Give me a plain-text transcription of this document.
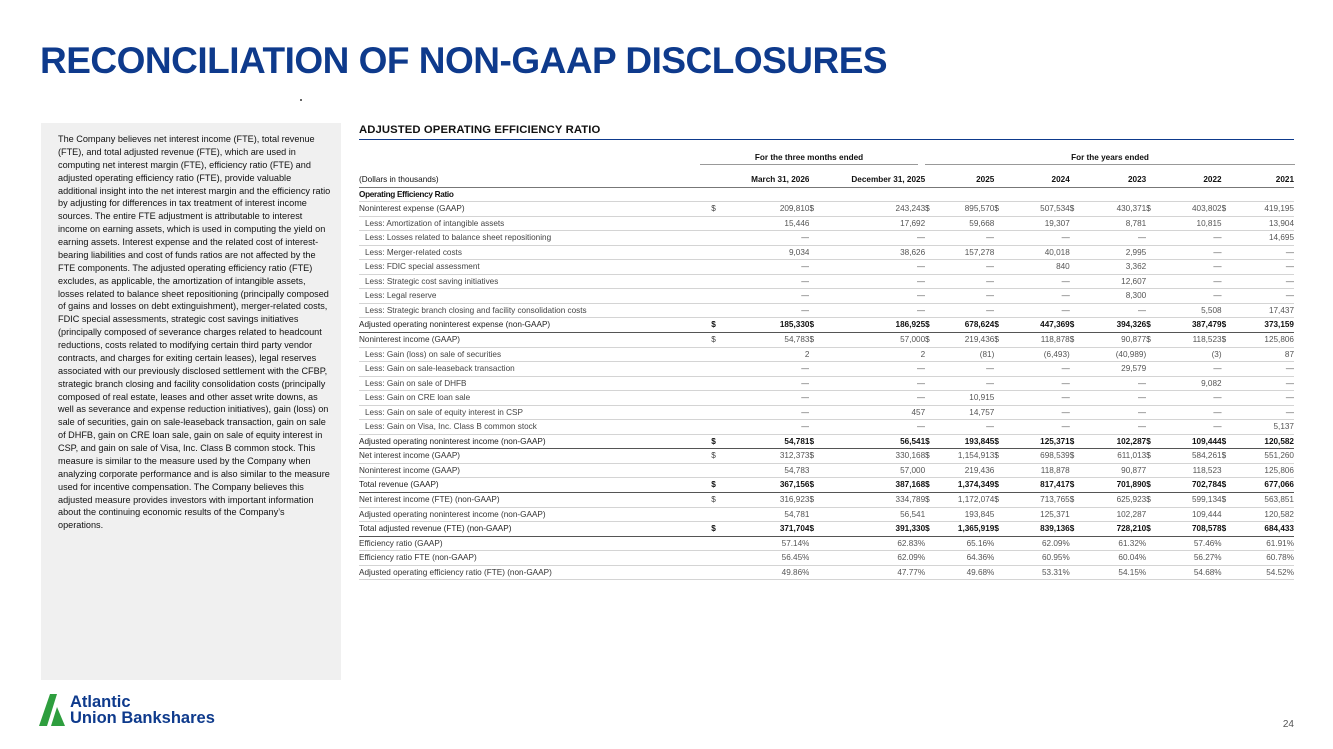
RECONCILIATION OF NON-GAAP DISCLOSURES

The Company believes net interest income (FTE), total revenue (FTE), and total adjusted revenue (FTE), which are used in computing net interest margin (FTE), efficiency ratio (FTE) and adjusted operating efficiency ratio (FTE), provide valuable additional insight into the net interest margin and the efficiency ratio by adjusting for differences in tax treatment of interest income sources. The entire FTE adjustment is attributable to interest income on earning assets, which is used in computing the yield on earning assets. Interest expense and the related cost of interest-bearing liabilities and cost of funds ratios are not affected by the FTE components. The adjusted operating efficiency ratio (FTE) excludes, as applicable, the amortization of intangible assets, losses related to balance sheet repositioning (principally composed of gains and losses on debt extinguishment), merger-related costs, FDIC special assessments, strategic cost savings initiatives (principally composed of severance charges related to headcount reductions, costs related to modifying certain third party vendor contracts, and charges for exiting certain leases), legal reserves associated with our previously disclosed settlement with the CFBP, strategic branch closing and facility consolidation costs (principally composed of real estate, leases and other asset write downs, as well as severance and expense reduction initiatives), gain (loss) on sale of securities, gain on sale-leaseback transaction, gain on sale of DHFB, gain on CRE loan sale, gain on sale of equity interest in CSP, and gain on sale of Visa, Inc. Class B common stock. This measure is similar to the measure used by the Company when analyzing corporate performance and is also similar to the measure used for incentive compensation. The Company believes this adjusted measure provides investors with important information about the continuing economic results of the Company’s operations.

Atlantic
Union Bankshares	24
ADJUSTED OPERATING EFFICIENCY RATIO
For the three months ended	For the years ended
(Dollars in thousands)		March 31, 2026		December 31, 2025		2025		2024		2023		2022		2021
Operating Efficiency Ratio														
Noninterest expense (GAAP)	$	209,810	$	243,243	$	895,570	$	507,534	$	430,371	$	403,802	$	419,195
Less: Amortization of intangible assets		15,446		17,692		59,668		19,307		8,781		10,815		13,904
Less: Losses related to balance sheet repositioning		—		—		—		—		—		—		14,695
Less: Merger-related costs		9,034		38,626		157,278		40,018		2,995		—		—
Less: FDIC special assessment		—		—		—		840		3,362		—		—
Less: Strategic cost saving initiatives		—		—		—		—		12,607		—		—
Less: Legal reserve		—		—		—		—		8,300		—		—
Less: Strategic branch closing and facility consolidation costs		—		—		—		—		—		5,508		17,437
Adjusted operating noninterest expense (non-GAAP)	$	185,330	$	186,925	$	678,624	$	447,369	$	394,326	$	387,479	$	373,159
Noninterest income (GAAP)	$	54,783	$	57,000	$	219,436	$	118,878	$	90,877	$	118,523	$	125,806
Less: Gain (loss) on sale of securities		2		2		(81)		(6,493)		(40,989)		(3)		87
Less: Gain on sale-leaseback transaction		—		—		—		—		29,579		—		—
Less: Gain on sale of DHFB		—		—		—		—		—		9,082		—
Less: Gain on CRE loan sale		—		—		10,915		—		—		—		—
Less: Gain on sale of equity interest in CSP		—		457		14,757		—		—		—		—
Less: Gain on Visa, Inc. Class B common stock		—		—		—		—		—		—		5,137
Adjusted operating noninterest income (non-GAAP)	$	54,781	$	56,541	$	193,845	$	125,371	$	102,287	$	109,444	$	120,582
Net interest income (GAAP)	$	312,373	$	330,168	$	1,154,913	$	698,539	$	611,013	$	584,261	$	551,260
Noninterest income (GAAP)		54,783		57,000		219,436		118,878		90,877		118,523		125,806
Total revenue (GAAP)	$	367,156	$	387,168	$	1,374,349	$	817,417	$	701,890	$	702,784	$	677,066
Net interest income (FTE) (non-GAAP)	$	316,923	$	334,789	$	1,172,074	$	713,765	$	625,923	$	599,134	$	563,851
Adjusted operating noninterest income (non-GAAP)		54,781		56,541		193,845		125,371		102,287		109,444		120,582
Total adjusted revenue (FTE) (non-GAAP)	$	371,704	$	391,330	$	1,365,919	$	839,136	$	728,210	$	708,578	$	684,433
Efficiency ratio (GAAP)		57.14%		62.83%		65.16%		62.09%		61.32%		57.46%		61.91%
Efficiency ratio FTE (non-GAAP)		56.45%		62.09%		64.36%		60.95%		60.04%		56.27%		60.78%
Adjusted operating efficiency ratio (FTE) (non-GAAP)		49.86%		47.77%		49.68%		53.31%		54.15%		54.68%		54.52%
